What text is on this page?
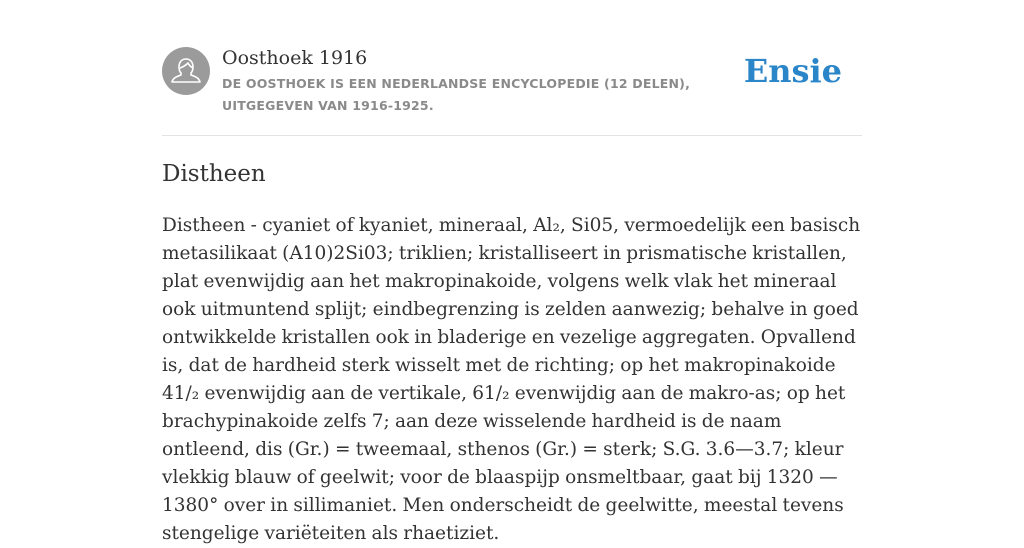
Oosthoek 1916
DE OOSTHOEK IS EEN NEDERLANDSE ENCYCLOPEDIE (12 DELEN), UITGEGEVEN VAN 1916-1925.
Ensie
Distheen

Distheen - cyaniet of kyaniet, mineraal, Al₂, Si05, vermoedelijk een basisch metasilikaat (A10)2Si03; triklien; kristalliseert in prismatische kristallen, plat evenwijdig aan het makropinakoide, volgens welk vlak het mineraal ook uitmuntend splijt; eindbegrenzing is zelden aanwezig; behalve in goed ontwikkelde kristallen ook in bladerige en vezelige aggregaten. Opvallend is, dat de hardheid sterk wisselt met de richting; op het makropinakoide 41/₂ evenwijdig aan de vertikale, 61/₂ evenwijdig aan de makro-as; op het brachypinakoide zelfs 7; aan deze wisselende hardheid is de naam ontleend, dis (Gr.) = tweemaal, sthenos (Gr.) = sterk; S.G. 3.6—3.7; kleur vlekkig blauw of geelwit; voor de blaaspijp onsmeltbaar, gaat bij 1320 — 1380° over in sillimaniet. Men onderscheidt de geelwitte, meestal tevens stengelige variëteiten als rhaetiziet.
